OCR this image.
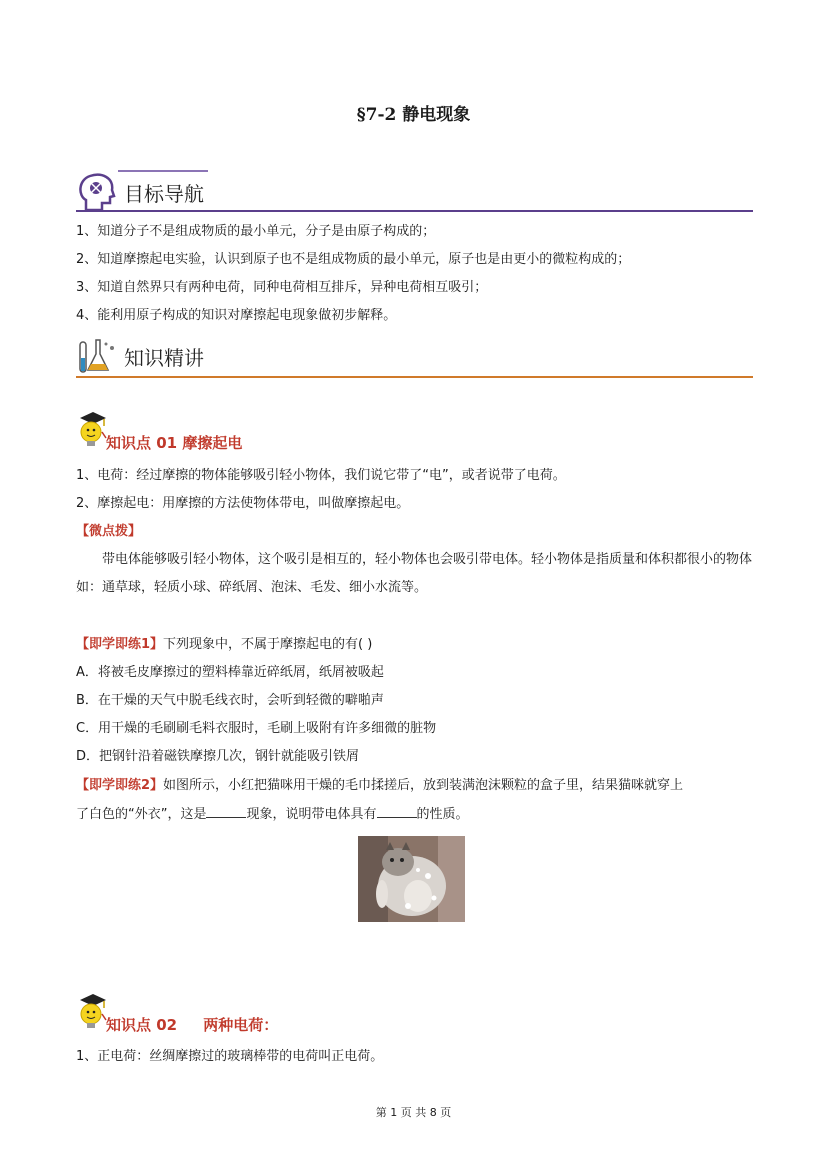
§7-2 静电现象
目标导航
1、知道分子不是组成物质的最小单元，分子是由原子构成的；
2、知道摩擦起电实验，认识到原子也不是组成物质的最小单元，原子也是由更小的微粒构成的；
3、知道自然界只有两种电荷，同种电荷相互排斥，异种电荷相互吸引；
4、能利用原子构成的知识对摩擦起电现象做初步解释。
知识精讲
知识点 01 摩擦起电
1、电荷：经过摩擦的物体能够吸引轻小物体，我们说它带了“电”，或者说带了电荷。
2、摩擦起电：用摩擦的方法使物体带电，叫做摩擦起电。
【微点拨】
带电体能够吸引轻小物体，这个吸引是相互的，轻小物体也会吸引带电体。轻小物体是指质量和体积都很小的物体如：通草球，轻质小球、碎纸屑、泡沫、毛发、细小水流等。
【即学即练1】下列现象中，不属于摩擦起电的有( )
A．将被毛皮摩擦过的塑料棒靠近碎纸屑，纸屑被吸起
B．在干燥的天气中脱毛线衣时，会听到轻微的噼啪声
C．用干燥的毛刷刷毛料衣服时，毛刷上吸附有许多细微的脏物
D．把钢针沿着磁铁摩擦几次，钢针就能吸引铁屑
【即学即练2】如图所示，小红把猫咪用干燥的毛巾揉搓后，放到装满泡沫颗粒的盒子里，结果猫咪就穿上
了白色的“外衣”，这是	现象，说明带电体具有	的性质。
知识点 02     两种电荷：
1、正电荷：丝绸摩擦过的玻璃棒带的电荷叫正电荷。
第 1 页 共 8 页
